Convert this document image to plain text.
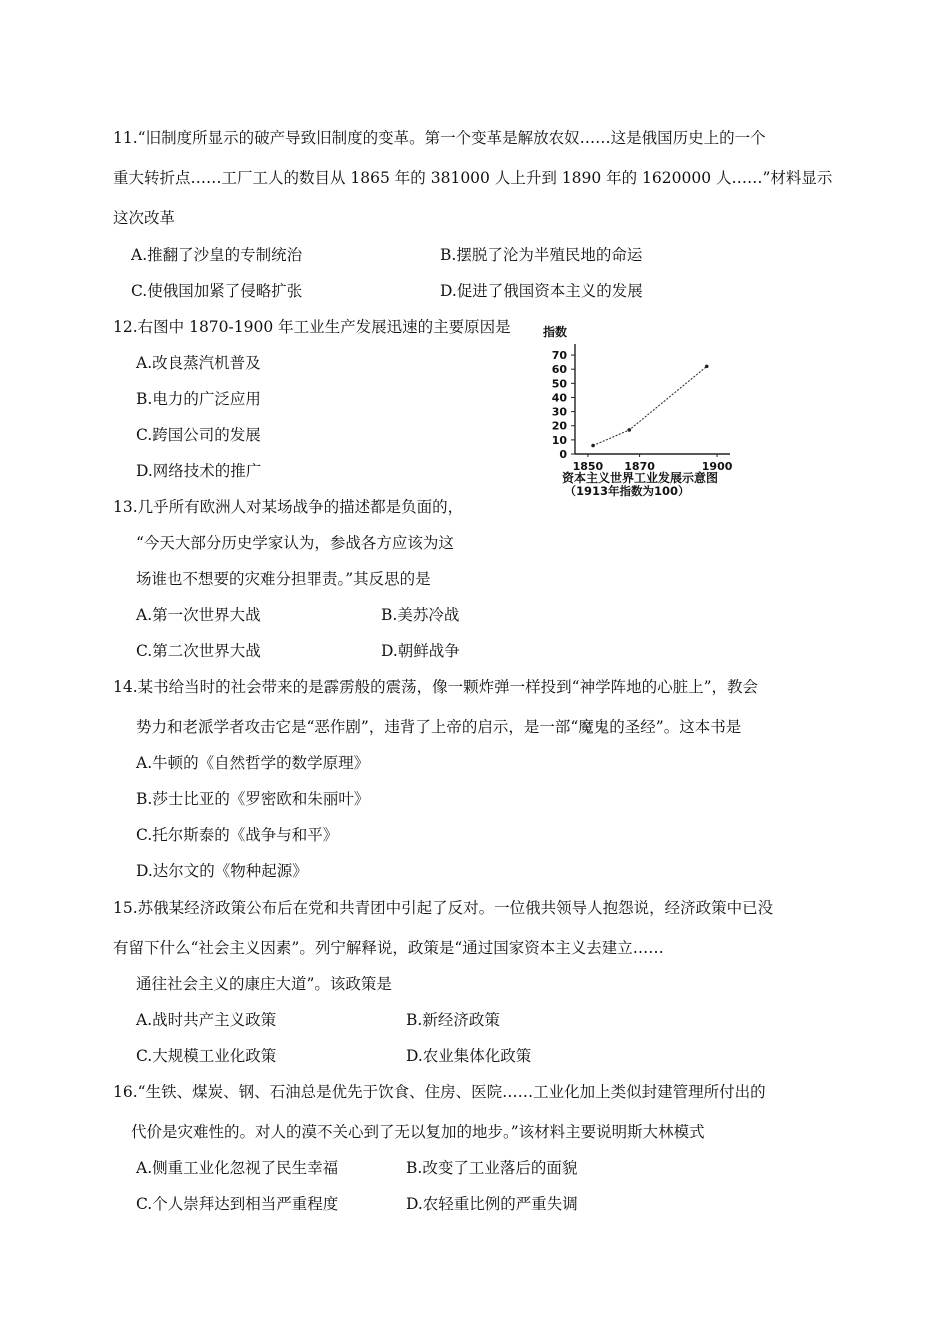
11.“旧制度所显示的破产导致旧制度的变革。第一个变革是解放农奴……这是俄国历史上的一个
重大转折点……工厂工人的数目从 1865 年的 381000 人上升到 1890 年的 1620000 人……”材料显示
这次改革
A.推翻了沙皇的专制统治	B.摆脱了沦为半殖民地的命运
C.使俄国加紧了侵略扩张	D.促进了俄国资本主义的发展
12.右图中 1870-1900 年工业生产发展迅速的主要原因是
A.改良蒸汽机普及
B.电力的广泛应用
C.跨国公司的发展
D.网络技术的推广
指数
0
10
20
30
40
50
60
70
1850 1870	1900
资本主义世界工业发展示意图
（1913年指数为100）
13.几乎所有欧洲人对某场战争的描述都是负面的，
“今天大部分历史学家认为，参战各方应该为这
场谁也不想要的灾难分担罪责。”其反思的是
A.第一次世界大战	B.美苏冷战
C.第二次世界大战	D.朝鲜战争
14.某书给当时的社会带来的是霹雳般的震荡，像一颗炸弹一样投到“神学阵地的心脏上”，教会
势力和老派学者攻击它是“恶作剧”，违背了上帝的启示，是一部“魔鬼的圣经”。这本书是
A.牛顿的《自然哲学的数学原理》
B.莎士比亚的《罗密欧和朱丽叶》
C.托尔斯泰的《战争与和平》
D.达尔文的《物种起源》
15.苏俄某经济政策公布后在党和共青团中引起了反对。一位俄共领导人抱怨说，经济政策中已没
有留下什么“社会主义因素”。列宁解释说，政策是“通过国家资本主义去建立……
通往社会主义的康庄大道”。该政策是
A.战时共产主义政策	B.新经济政策
C.大规模工业化政策	D.农业集体化政策
16.“生铁、煤炭、钢、石油总是优先于饮食、住房、医院……工业化加上类似封建管理所付出的
代价是灾难性的。对人的漠不关心到了无以复加的地步。”该材料主要说明斯大林模式
A.侧重工业化忽视了民生幸福	B.改变了工业落后的面貌
C.个人崇拜达到相当严重程度	D.农轻重比例的严重失调
